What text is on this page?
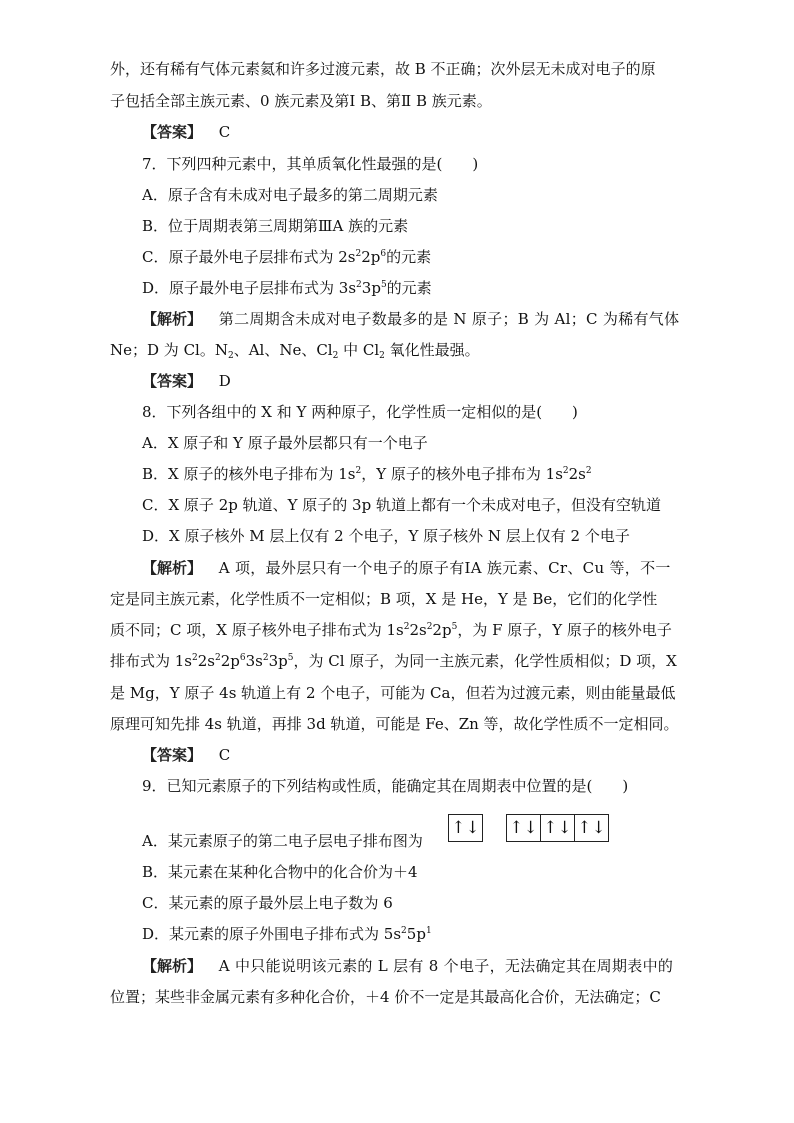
外，还有稀有气体元素氦和许多过渡元素，故 B 不正确；次外层无未成对电子的原
子包括全部主族元素、0 族元素及第Ⅰ B、第Ⅱ B 族元素。
【答案】 C
7．下列四种元素中，其单质氧化性最强的是(　　)
A．原子含有未成对电子最多的第二周期元素
B．位于周期表第三周期第ⅢA 族的元素
C．原子最外电子层排布式为 $2s^22p^6$的元素
D．原子最外电子层排布式为 $3s^23p^5$的元素
【解析】 第二周期含未成对电子数最多的是 N 原子；B 为 Al；C 为稀有气体
Ne；D 为 Cl。$N_2$、Al、Ne、$Cl_2$ 中 $Cl_2$ 氧化性最强。
【答案】 D
8．下列各组中的 X 和 Y 两种原子，化学性质一定相似的是(　　)
A．X 原子和 Y 原子最外层都只有一个电子
B．X 原子的核外电子排布为 $1s^2$，Y 原子的核外电子排布为 $1s^22s^2$
C．X 原子 2p 轨道、Y 原子的 3p 轨道上都有一个未成对电子，但没有空轨道
D．X 原子核外 M 层上仅有 2 个电子，Y 原子核外 N 层上仅有 2 个电子
【解析】 A 项，最外层只有一个电子的原子有ⅠA 族元素、Cr、Cu 等，不一
定是同主族元素，化学性质不一定相似；B 项，X 是 He，Y 是 Be，它们的化学性
质不同；C 项，X 原子核外电子排布式为 $1s^22s^22p^5$，为 F 原子，Y 原子的核外电子
排布式为 $1s^22s^22p^63s^23p^5$，为 Cl 原子，为同一主族元素，化学性质相似；D 项，X
是 Mg，Y 原子 4s 轨道上有 2 个电子，可能为 Ca，但若为过渡元素，则由能量最低
原理可知先排 4s 轨道，再排 3d 轨道，可能是 Fe、Zn 等，故化学性质不一定相同。
【答案】 C
9．已知元素原子的下列结构或性质，能确定其在周期表中位置的是(　　)
A．某元素原子的第二电子层电子排布图为
↑↓ ↑↓ ↑↓ ↑↓
B．某元素在某种化合物中的化合价为＋4
C．某元素的原子最外层上电子数为 6
D．某元素的原子外围电子排布式为 $5s^25p^1$
【解析】 A 中只能说明该元素的 L 层有 8 个电子，无法确定其在周期表中的
位置；某些非金属元素有多种化合价，＋4 价不一定是其最高化合价，无法确定；C
